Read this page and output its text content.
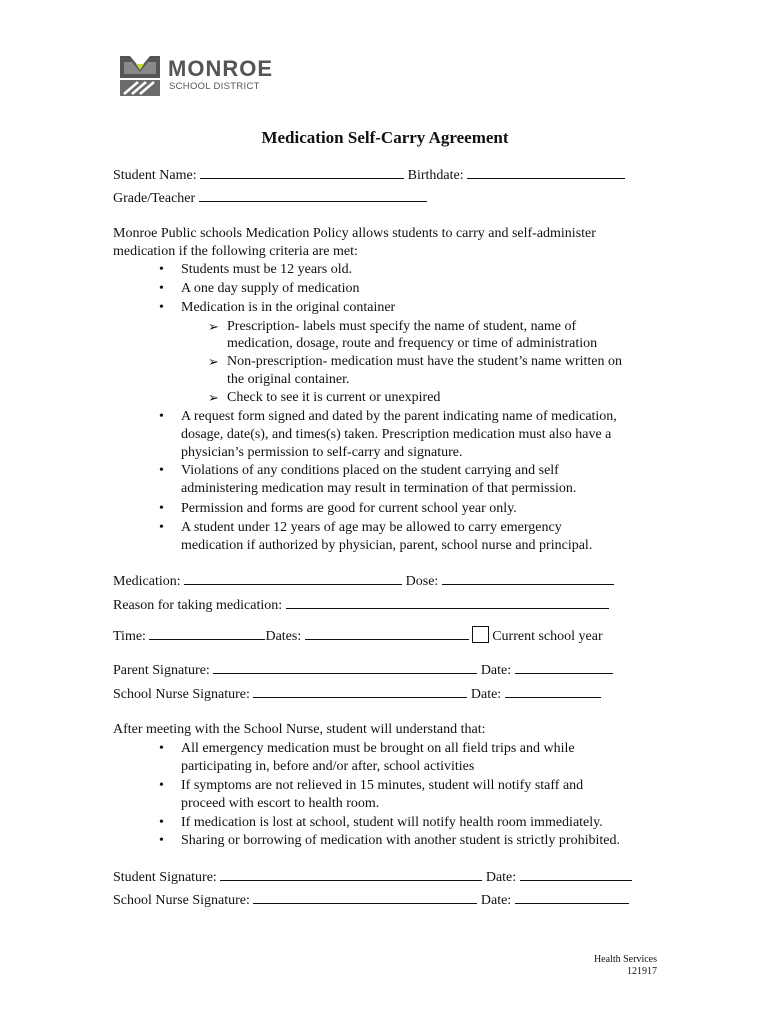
MONROE
SCHOOL DISTRICT
Medication Self-Carry Agreement
Student Name:	Birthdate:
Grade/Teacher
Monroe Public schools Medication Policy allows students to carry and self-administer
medication if the following criteria are met:
• Students must be 12 years old.
• A one day supply of medication
• Medication is in the original container
➢ Prescription- labels must specify the name of student, name of
medication, dosage, route and frequency or time of administration
➢ Non-prescription- medication must have the student’s name written on
the original container.
➢ Check to see it is current or unexpired
• A request form signed and dated by the parent indicating name of medication,
dosage, date(s), and times(s) taken. Prescription medication must also have a
physician’s permission to self-carry and signature.
• Violations of any conditions placed on the student carrying and self
administering medication may result in termination of that permission.
• Permission and forms are good for current school year only.
• A student under 12 years of age may be allowed to carry emergency
medication if authorized by physician, parent, school nurse and principal.
Medication:	Dose:
Reason for taking medication:
Time:	Dates:	Current school year
Parent Signature:	Date:
School Nurse Signature:	Date:
After meeting with the School Nurse, student will understand that:
• All emergency medication must be brought on all field trips and while
participating in, before and/or after, school activities
• If symptoms are not relieved in 15 minutes, student will notify staff and
proceed with escort to health room.
• If medication is lost at school, student will notify health room immediately.
• Sharing or borrowing of medication with another student is strictly prohibited.
Student Signature:	Date:
School Nurse Signature:	Date:
Health Services
121917
